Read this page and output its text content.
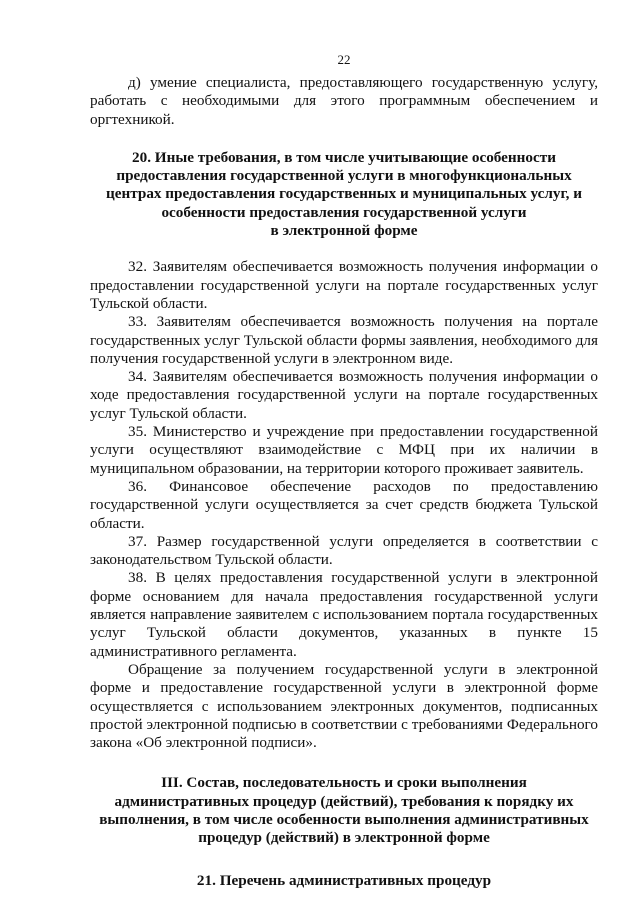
22

д) умение специалиста, предоставляющего государственную услугу, работать с необходимыми для этого программным обеспечением и оргтехникой.

20. Иные требования, в том числе учитывающие особенности
предоставления государственной услуги в многофункциональных
центрах предоставления государственных и муниципальных услуг, и
особенности предоставления государственной услуги
в электронной форме

32. Заявителям обеспечивается возможность получения информации о предоставлении государственной услуги на портале государственных услуг Тульской области.

33. Заявителям обеспечивается возможность получения на портале государственных услуг Тульской области формы заявления, необходимого для получения государственной услуги в электронном виде.

34. Заявителям обеспечивается возможность получения информации о ходе предоставления государственной услуги на портале государственных услуг Тульской области.

35. Министерство и учреждение при предоставлении государственной услуги осуществляют взаимодействие с МФЦ при их наличии в муниципальном образовании, на территории которого проживает заявитель.

36. Финансовое обеспечение расходов по предоставлению государственной услуги осуществляется за счет средств бюджета Тульской области.

37. Размер государственной услуги определяется в соответствии с законодательством Тульской области.

38. В целях предоставления государственной услуги в электронной форме основанием для начала предоставления государственной услуги является направление заявителем с использованием портала государственных услуг Тульской области документов, указанных в пункте 15 административного регламента.

Обращение за получением государственной услуги в электронной форме и предоставление государственной услуги в электронной форме осуществляется с использованием электронных документов, подписанных простой электронной подписью в соответствии с требованиями Федерального закона «Об электронной подписи».

III. Состав, последовательность и сроки выполнения
административных процедур (действий), требования к порядку их
выполнения, в том числе особенности выполнения административных
процедур (действий) в электронной форме
21. Перечень административных процедур
